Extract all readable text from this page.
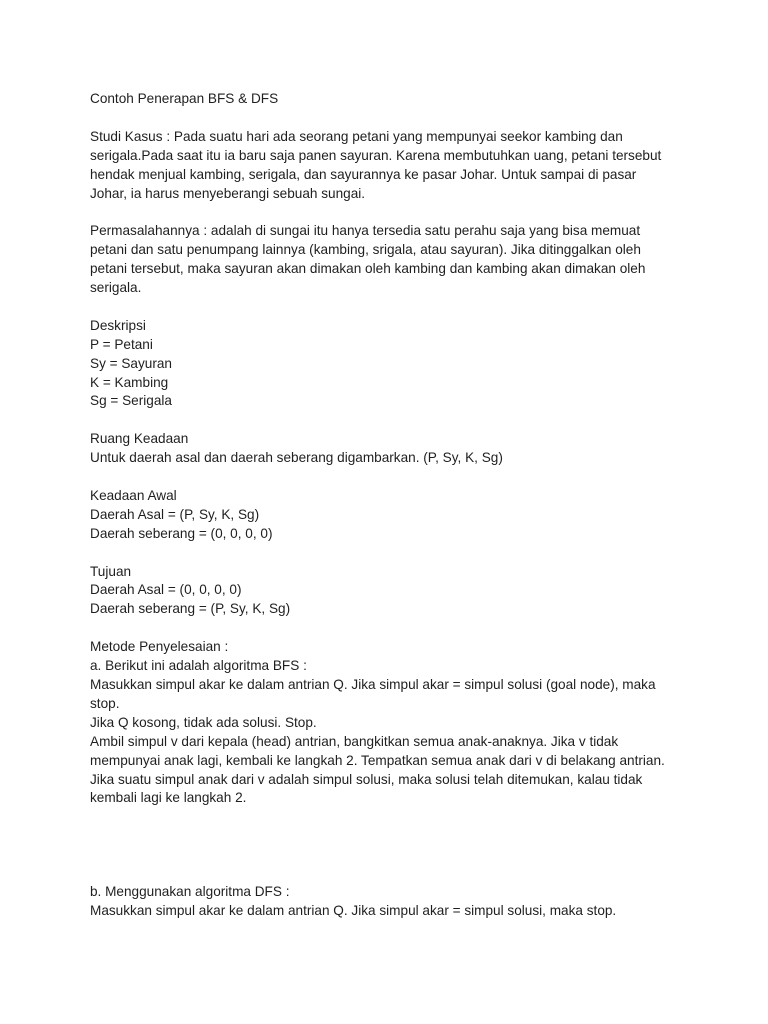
Contoh Penerapan BFS & DFS

Studi Kasus : Pada suatu hari ada seorang petani yang mempunyai seekor kambing dan

serigala.Pada saat itu ia baru saja panen sayuran. Karena membutuhkan uang, petani tersebut

hendak menjual kambing, serigala, dan sayurannya ke pasar Johar. Untuk sampai di pasar

Johar, ia harus menyeberangi sebuah sungai.

Permasalahannya : adalah di sungai itu hanya tersedia satu perahu saja yang bisa memuat

petani dan satu penumpang lainnya (kambing, srigala, atau sayuran). Jika ditinggalkan oleh

petani tersebut, maka sayuran akan dimakan oleh kambing dan kambing akan dimakan oleh

serigala.

Deskripsi

P = Petani

Sy = Sayuran

K = Kambing

Sg = Serigala

Ruang Keadaan

Untuk daerah asal dan daerah seberang digambarkan. (P, Sy, K, Sg)

Keadaan Awal

Daerah Asal = (P, Sy, K, Sg)

Daerah seberang = (0, 0, 0, 0)

Tujuan

Daerah Asal = (0, 0, 0, 0)

Daerah seberang = (P, Sy, K, Sg)

Metode Penyelesaian :

a. Berikut ini adalah algoritma BFS :

Masukkan simpul akar ke dalam antrian Q. Jika simpul akar = simpul solusi (goal node), maka

stop.

Jika Q kosong, tidak ada solusi. Stop.

Ambil simpul v dari kepala (head) antrian, bangkitkan semua anak-anaknya. Jika v tidak

mempunyai anak lagi, kembali ke langkah 2. Tempatkan semua anak dari v di belakang antrian.

Jika suatu simpul anak dari v adalah simpul solusi, maka solusi telah ditemukan, kalau tidak

kembali lagi ke langkah 2.

b. Menggunakan algoritma DFS :

Masukkan simpul akar ke dalam antrian Q. Jika simpul akar = simpul solusi, maka stop.
